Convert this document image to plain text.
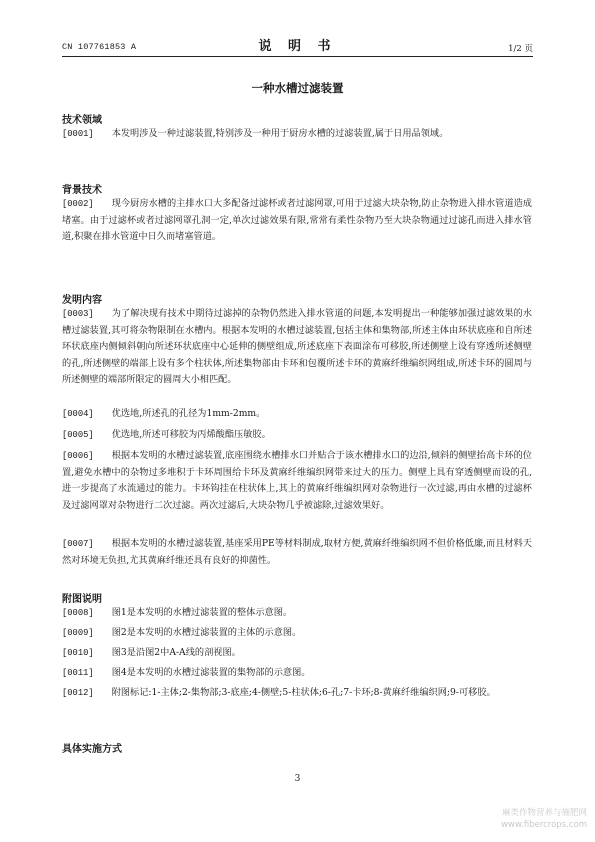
CN 107761853 A	说 明 书	1/2 页
一种水槽过滤装置
技术领域
[0001] 本发明涉及一种过滤装置,特别涉及一种用于厨房水槽的过滤装置,属于日用品领域。
背景技术
[0002] 现今厨房水槽的主排水口大多配备过滤杯或者过滤网罩,可用于过滤大块杂物,防止杂物进入排水管道造成堵塞。由于过滤杯或者过滤网罩孔洞一定,单次过滤效果有限,常常有柔性杂物乃至大块杂物通过过滤孔而进入排水管道,积聚在排水管道中日久而堵塞管道。
发明内容
[0003] 为了解决现有技术中期待过滤掉的杂物仍然进入排水管道的问题,本发明提出一种能够加强过滤效果的水槽过滤装置,其可将杂物限制在水槽内。根据本发明的水槽过滤装置,包括主体和集物部,所述主体由环状底座和自所述环状底座内侧倾斜朝向所述环状底座中心延伸的侧壁组成,所述底座下表面涂布可移胶,所述侧壁上设有穿透所述侧壁的孔,所述侧壁的端部上设有多个柱状体,所述集物部由卡环和包覆所述卡环的黄麻纤维编织网组成,所述卡环的圆周与所述侧壁的端部所限定的圆周大小相匹配。
[0004] 优选地,所述孔的孔径为1mm-2mm。
[0005] 优选地,所述可移胶为丙烯酸酯压敏胶。
[0006] 根据本发明的水槽过滤装置,底座围绕水槽排水口并贴合于该水槽排水口的边沿,倾斜的侧壁抬高卡环的位置,避免水槽中的杂物过多堆积于卡环周围给卡环及黄麻纤维编织网带来过大的压力。侧壁上具有穿透侧壁而设的孔,进一步提高了水流通过的能力。卡环钩挂在柱状体上,其上的黄麻纤维编织网对杂物进行一次过滤,再由水槽的过滤杯及过滤网罩对杂物进行二次过滤。两次过滤后,大块杂物几乎被滤除,过滤效果好。
[0007] 根据本发明的水槽过滤装置,基座采用PE等材料制成,取材方便,黄麻纤维编织网不但价格低廉,而且材料天然对环境无负担,尤其黄麻纤维还具有良好的抑菌性。
附图说明
[0008] 图1是本发明的水槽过滤装置的整体示意图。
[0009] 图2是本发明的水槽过滤装置的主体的示意图。
[0010] 图3是沿图2中A-A线的剖视图。
[0011] 图4是本发明的水槽过滤装置的集物部的示意图。
[0012] 附图标记:1-主体;2-集物部;3-底座;4-侧壁;5-柱状体;6-孔;7-卡环;8-黄麻纤维编织网;9-可移胶。
具体实施方式
3
麻类作物营养与施肥网
www.fibercrops.com
